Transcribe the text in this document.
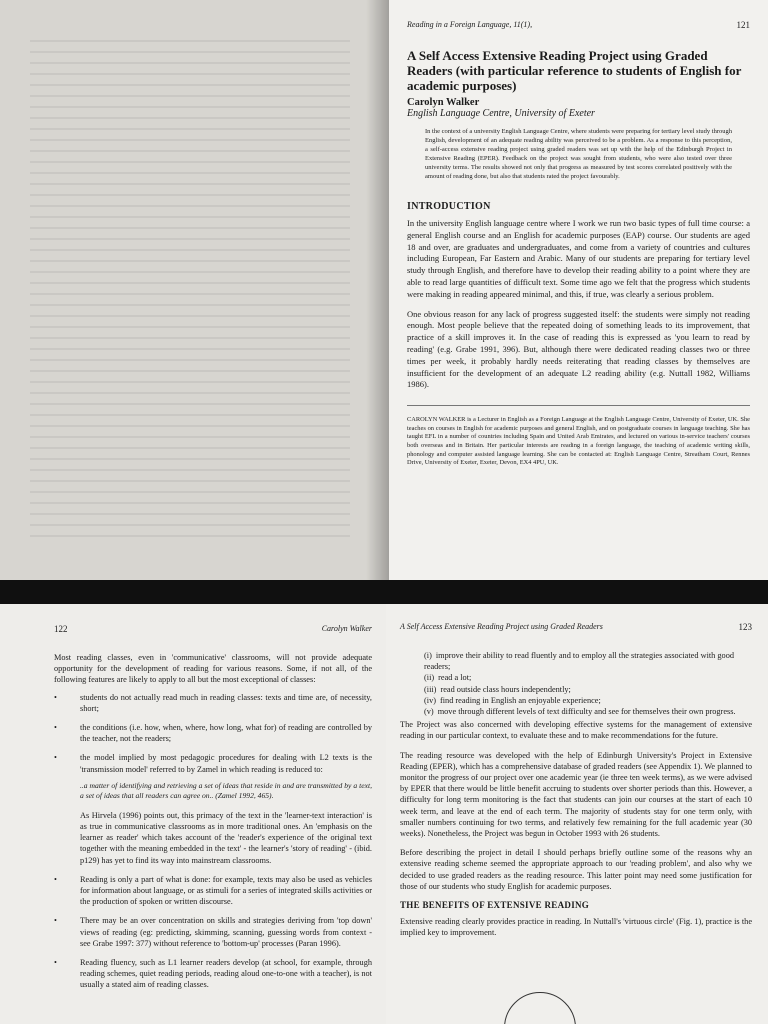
Reading in a Foreign Language, 11(1),	121
A Self Access Extensive Reading Project using Graded Readers (with particular reference to students of English for academic purposes)

Carolyn Walker

English Language Centre, University of Exeter

In the context of a university English Language Centre, where students were preparing for tertiary level study through English, development of an adequate reading ability was perceived to be a problem. As a response to this perception, a self-access extensive reading project using graded readers was set up with the help of the Edinburgh Project in Extensive Reading (EPER). Feedback on the project was sought from students, who were also tested over three university terms. The results showed not only that progress as measured by test scores correlated positively with the amount of reading done, but also that students rated the project favourably.

INTRODUCTION

In the university English language centre where I work we run two basic types of full time course: a general English course and an English for academic purposes (EAP) course. Our students are aged 18 and over, are graduates and undergraduates, and come from a variety of countries and cultures including European, Far Eastern and Arabic. Many of our students are preparing for tertiary level study through English, and therefore have to develop their reading ability to a point where they are able to read large quantities of difficult text. Some time ago we felt that the progress which students were making in reading appeared minimal, and this, if true, was clearly a serious problem.

One obvious reason for any lack of progress suggested itself: the students were simply not reading enough. Most people believe that the repeated doing of something leads to its improvement, that practice of a skill improves it. In the case of reading this is expressed as 'you learn to read by reading' (e.g. Grabe 1991, 396). But, although there were dedicated reading classes two or three times per week, it probably hardly needs reiterating that reading classes by themselves are insufficient for the development of an adequate L2 reading ability (e.g. Nuttall 1982, Williams 1986).

CAROLYN WALKER is a Lecturer in English as a Foreign Language at the English Language Centre, University of Exeter, UK. She teaches on courses in English for academic purposes and general English, and on postgraduate courses in language teaching. She has taught EFL in a number of countries including Spain and United Arab Emirates, and lectured on various in-service teachers' courses both overseas and in Britain. Her particular interests are reading in a foreign language, the teaching of academic writing skills, phonology and computer assisted language learning. She can be contacted at: English Language Centre, Streatham Court, Rennes Drive, University of Exeter, Exeter, Devon, EX4 4PU, UK.

122	Carolyn Walker

Most reading classes, even in 'communicative' classrooms, will not provide adequate opportunity for the development of reading for various reasons. Some, if not all, of the following features are likely to apply to all but the most exceptional of classes:

• students do not actually read much in reading classes: texts and time are, of necessity, short;
• the conditions (i.e. how, when, where, how long, what for) of reading are controlled by the teacher, not the readers;
• the model implied by most pedagogic procedures for dealing with L2 texts is the 'transmission model' referred to by Zamel in which reading is reduced to:

..a matter of identifying and retrieving a set of ideas that reside in and are transmitted by a text, a set of ideas that all readers can agree on.. (Zamel 1992, 465).

As Hirvela (1996) points out, this primacy of the text in the 'learner-text interaction' is as true in communicative classrooms as in more traditional ones. An 'emphasis on the learner as reader' which takes account of the 'reader's experience of the original text together with the meaning embedded in the text' - the learner's 'story of reading' - (ibid. p129) has yet to find its way into mainstream classrooms.

• Reading is only a part of what is done: for example, texts may also be used as vehicles for information about language, or as stimuli for a series of integrated skills activities or the production of spoken or written discourse.
• There may be an over concentration on skills and strategies deriving from 'top down' views of reading (eg: predicting, skimming, scanning, guessing words from context - see Grabe 1997: 377) without reference to 'bottom-up' processes (Paran 1996).
• Reading fluency, such as L1 learner readers develop (at school, for example, through reading schemes, quiet reading periods, reading aloud one-to-one with a teacher), is not usually a stated aim of reading classes.
A Self Access Extensive Reading Project using Graded Readers	123
(i) improve their ability to read fluently and to employ all the strategies associated with good readers;
(ii) read a lot;
(iii) read outside class hours independently;
(iv) find reading in English an enjoyable experience;
(v) move through different levels of text difficulty and see for themselves their own progress.

The Project was also concerned with developing effective systems for the management of extensive reading in our particular context, to evaluate these and to make recommendations for the future.

The reading resource was developed with the help of Edinburgh University's Project in Extensive Reading (EPER), which has a comprehensive database of graded readers (see Appendix 1). We planned to monitor the progress of our project over one academic year (ie three ten week terms), as we were advised by EPER that there would be little benefit accruing to students over shorter periods than this. However, a difficulty for long term monitoring is the fact that students can join our courses at the start of each 10 week term, and leave at the end of each term. The majority of students stay for one term only, with smaller numbers continuing for two terms, and relatively few remaining for the full academic year (30 weeks). Nonetheless, the Project was begun in October 1993 with 26 students.

Before describing the project in detail I should perhaps briefly outline some of the reasons why an extensive reading scheme seemed the appropriate approach to our 'reading problem', and also why we decided to use graded readers as the reading resource. This latter point may need some justification for those of our students who study English for academic purposes.

THE BENEFITS OF EXTENSIVE READING

Extensive reading clearly provides practice in reading. In Nuttall's 'virtuous circle' (Fig. 1), practice is the implied key to improvement.
